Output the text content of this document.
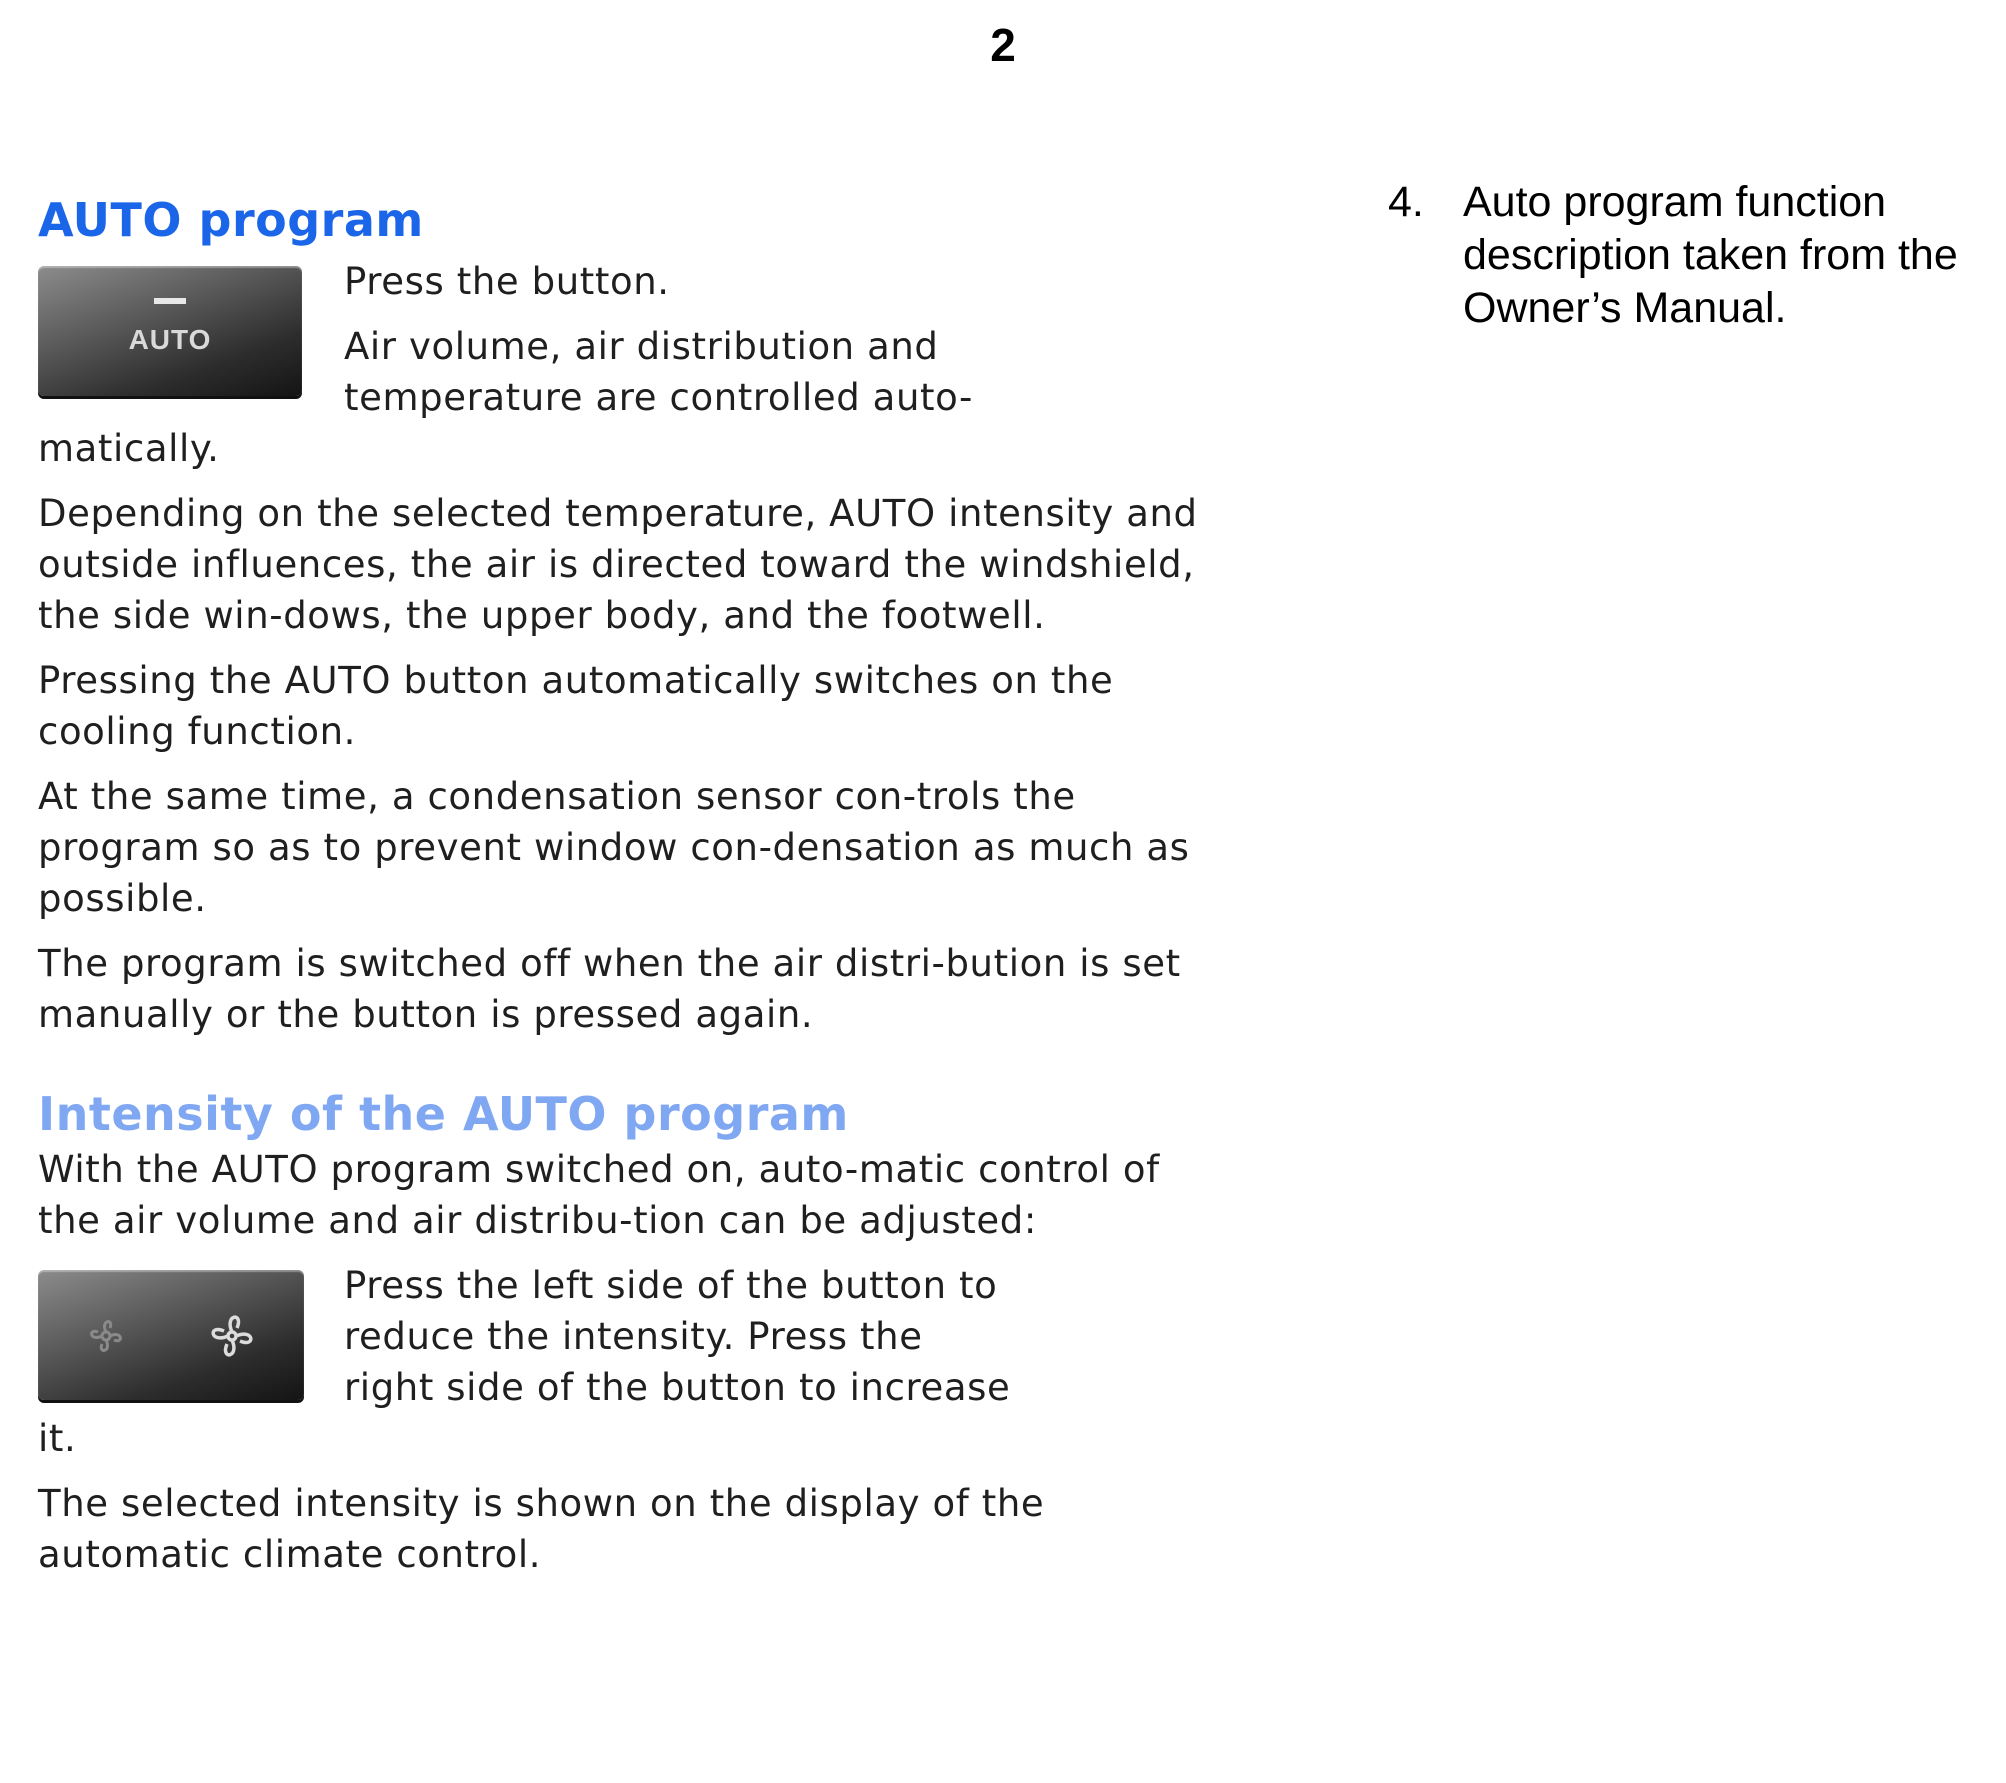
2
AUTO program
AUTO

Press the button.

Air volume, air distribution and
temperature are controlled auto-

matically.

Depending on the selected temperature, AUTO intensity and outside influences, the air is directed toward the windshield, the side win-dows, the upper body, and the footwell.

Pressing the AUTO button automatically switches on the cooling function.

At the same time, a condensation sensor con-trols the program so as to prevent window con-densation as much as possible.

The program is switched off when the air distri-bution is set manually or the button is pressed again.

Intensity of the AUTO program

With the AUTO program switched on, auto-matic control of the air volume and air distribu-tion can be adjusted:

Press the left side of the button to
reduce the intensity. Press the
right side of the button to increase

it.

The selected intensity is shown on the display of the automatic climate control.

4. Auto program function description taken from the Owner’s Manual.
